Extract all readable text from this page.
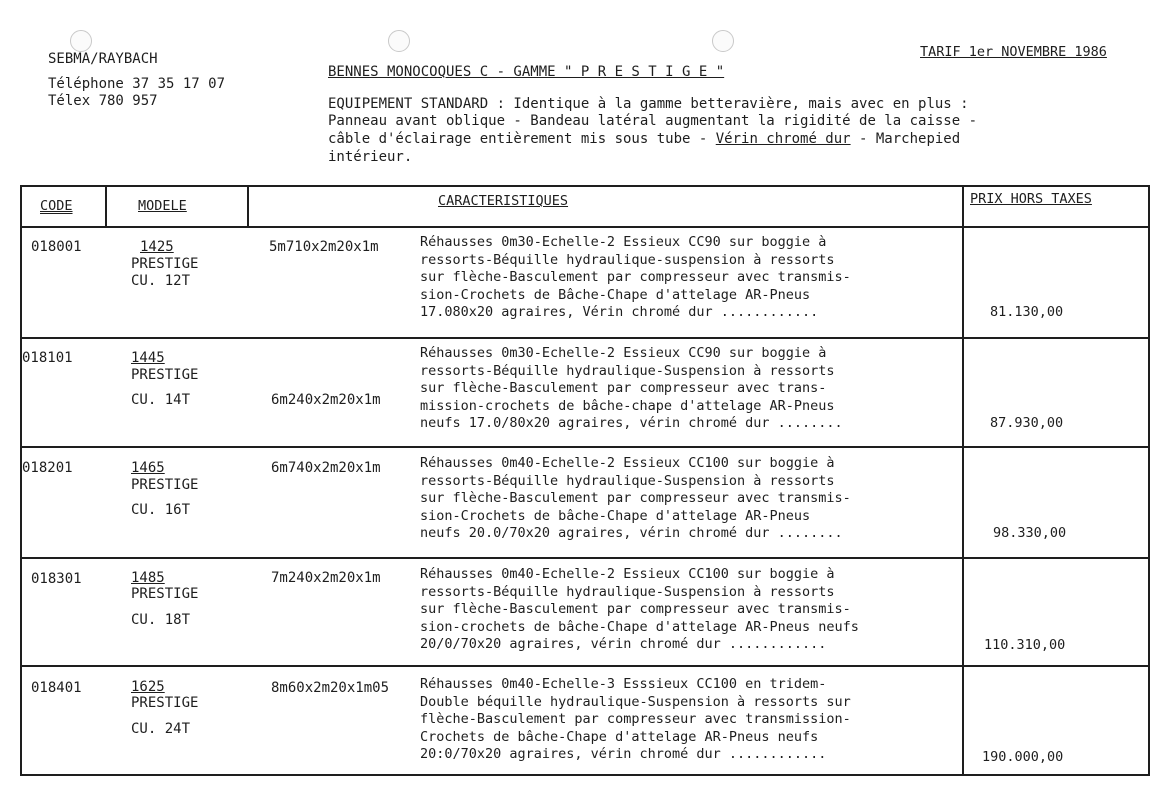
SEBMA/RAYBACH
Téléphone 37 35 17 07
Télex 780 957
TARIF 1er NOVEMBRE 1986
BENNES MONOCOQUES C - GAMME " P R E S T I G E "
EQUIPEMENT STANDARD : Identique à la gamme betteravière, mais avec en plus :
Panneau avant oblique - Bandeau latéral augmentant la rigidité de la caisse -
câble d'éclairage entièrement mis sous tube - Vérin chromé dur - Marchepied
intérieur.
CODE	MODELE	CARACTERISTIQUES	PRIX HORS TAXES
018001	1425
PRESTIGE
CU. 12T
5m710x2m20x1m	Réhausses 0m30-Echelle-2 Essieux CC90 sur boggie à
ressorts-Béquille hydraulique-suspension à ressorts
sur flèche-Basculement par compresseur avec transmis-
sion-Crochets de Bâche-Chape d'attelage AR-Pneus
17.080x20 agraires, Vérin chromé dur ............	81.130,00
018101	1445
PRESTIGE
CU. 14T	6m240x2m20x1m
Réhausses 0m30-Echelle-2 Essieux CC90 sur boggie à
ressorts-Béquille hydraulique-Suspension à ressorts
sur flèche-Basculement par compresseur avec trans-
mission-crochets de bâche-chape d'attelage AR-Pneus
neufs 17.0/80x20 agraires, vérin chromé dur ........	87.930,00
018201	1465
PRESTIGE
CU. 16T
6m740x2m20x1m	Réhausses 0m40-Echelle-2 Essieux CC100 sur boggie à
ressorts-Béquille hydraulique-Suspension à ressorts
sur flèche-Basculement par compresseur avec transmis-
sion-Crochets de bâche-Chape d'attelage AR-Pneus
neufs 20.0/70x20 agraires, vérin chromé dur ........	98.330,00
018301	1485
PRESTIGE
CU. 18T
7m240x2m20x1m	Réhausses 0m40-Echelle-2 Essieux CC100 sur boggie à
ressorts-Béquille hydraulique-Suspension à ressorts
sur flèche-Basculement par compresseur avec transmis-
sion-crochets de bâche-Chape d'attelage AR-Pneus neufs
20/0/70x20 agraires, vérin chromé dur ............	110.310,00
018401	1625
PRESTIGE
CU. 24T
8m60x2m20x1m05 Réhausses 0m40-Echelle-3 Esssieux CC100 en tridem-
Double béquille hydraulique-Suspension à ressorts sur
flèche-Basculement par compresseur avec transmission-
Crochets de bâche-Chape d'attelage AR-Pneus neufs
20:0/70x20 agraires, vérin chromé dur ............	190.000,00
